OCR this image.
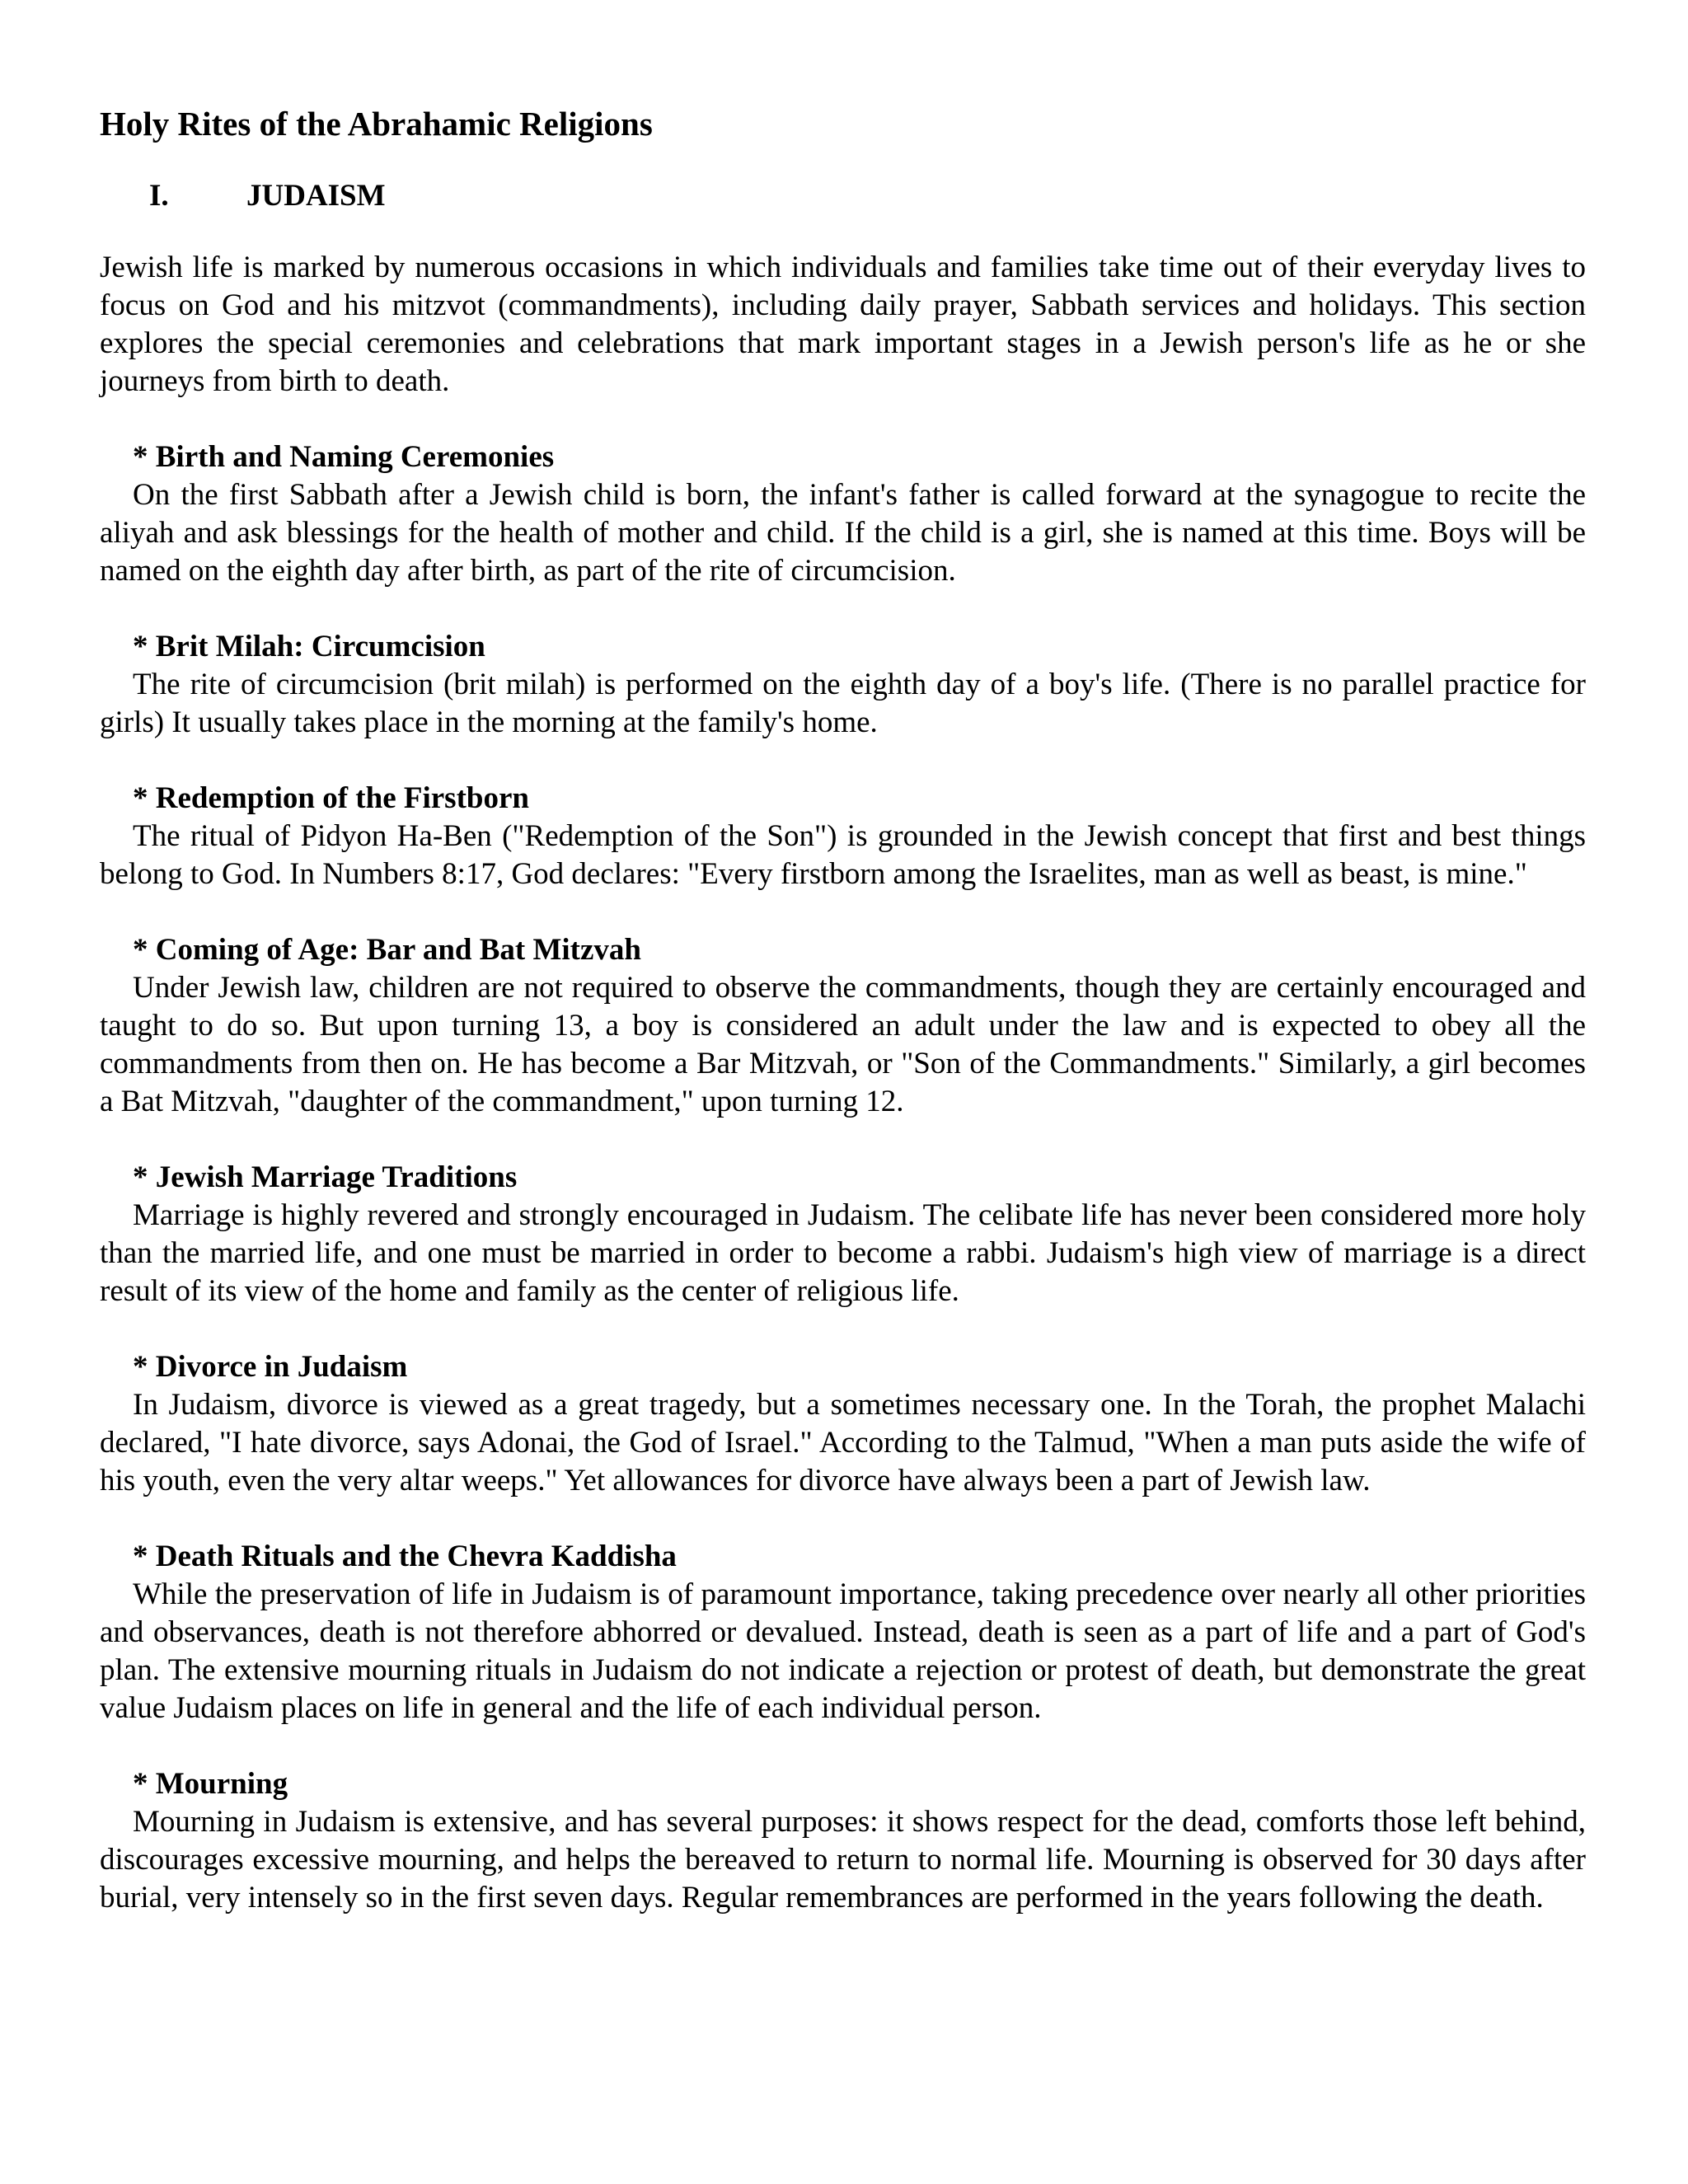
Holy Rites of the Abrahamic Religions
I.	JUDAISM

Jewish life is marked by numerous occasions in which individuals and families take time out of their everyday lives to focus on God and his mitzvot (commandments), including daily prayer, Sabbath services and holidays. This section explores the special ceremonies and celebrations that mark important stages in a Jewish person's life as he or she journeys from birth to death.

* Birth and Naming Ceremonies

On the first Sabbath after a Jewish child is born, the infant's father is called forward at the synagogue to recite the aliyah and ask blessings for the health of mother and child. If the child is a girl, she is named at this time. Boys will be named on the eighth day after birth, as part of the rite of circumcision.

* Brit Milah: Circumcision

The rite of circumcision (brit milah) is performed on the eighth day of a boy's life. (There is no parallel practice for girls) It usually takes place in the morning at the family's home.

* Redemption of the Firstborn

The ritual of Pidyon Ha-Ben ("Redemption of the Son") is grounded in the Jewish concept that first and best things belong to God. In Numbers 8:17, God declares: "Every firstborn among the Israelites, man as well as beast, is mine."

* Coming of Age: Bar and Bat Mitzvah

Under Jewish law, children are not required to observe the commandments, though they are certainly encouraged and taught to do so. But upon turning 13, a boy is considered an adult under the law and is expected to obey all the commandments from then on. He has become a Bar Mitzvah, or "Son of the Commandments." Similarly, a girl becomes a Bat Mitzvah, "daughter of the commandment," upon turning 12.

* Jewish Marriage Traditions

Marriage is highly revered and strongly encouraged in Judaism. The celibate life has never been considered more holy than the married life, and one must be married in order to become a rabbi. Judaism's high view of marriage is a direct result of its view of the home and family as the center of religious life.

* Divorce in Judaism

In Judaism, divorce is viewed as a great tragedy, but a sometimes necessary one. In the Torah, the prophet Malachi declared, "I hate divorce, says Adonai, the God of Israel." According to the Talmud, "When a man puts aside the wife of his youth, even the very altar weeps." Yet allowances for divorce have always been a part of Jewish law.

* Death Rituals and the Chevra Kaddisha

While the preservation of life in Judaism is of paramount importance, taking precedence over nearly all other priorities and observances, death is not therefore abhorred or devalued. Instead, death is seen as a part of life and a part of God's plan. The extensive mourning rituals in Judaism do not indicate a rejection or protest of death, but demonstrate the great value Judaism places on life in general and the life of each individual person.

* Mourning

Mourning in Judaism is extensive, and has several purposes: it shows respect for the dead, comforts those left behind, discourages excessive mourning, and helps the bereaved to return to normal life. Mourning is observed for 30 days after burial, very intensely so in the first seven days. Regular remembrances are performed in the years following the death.
